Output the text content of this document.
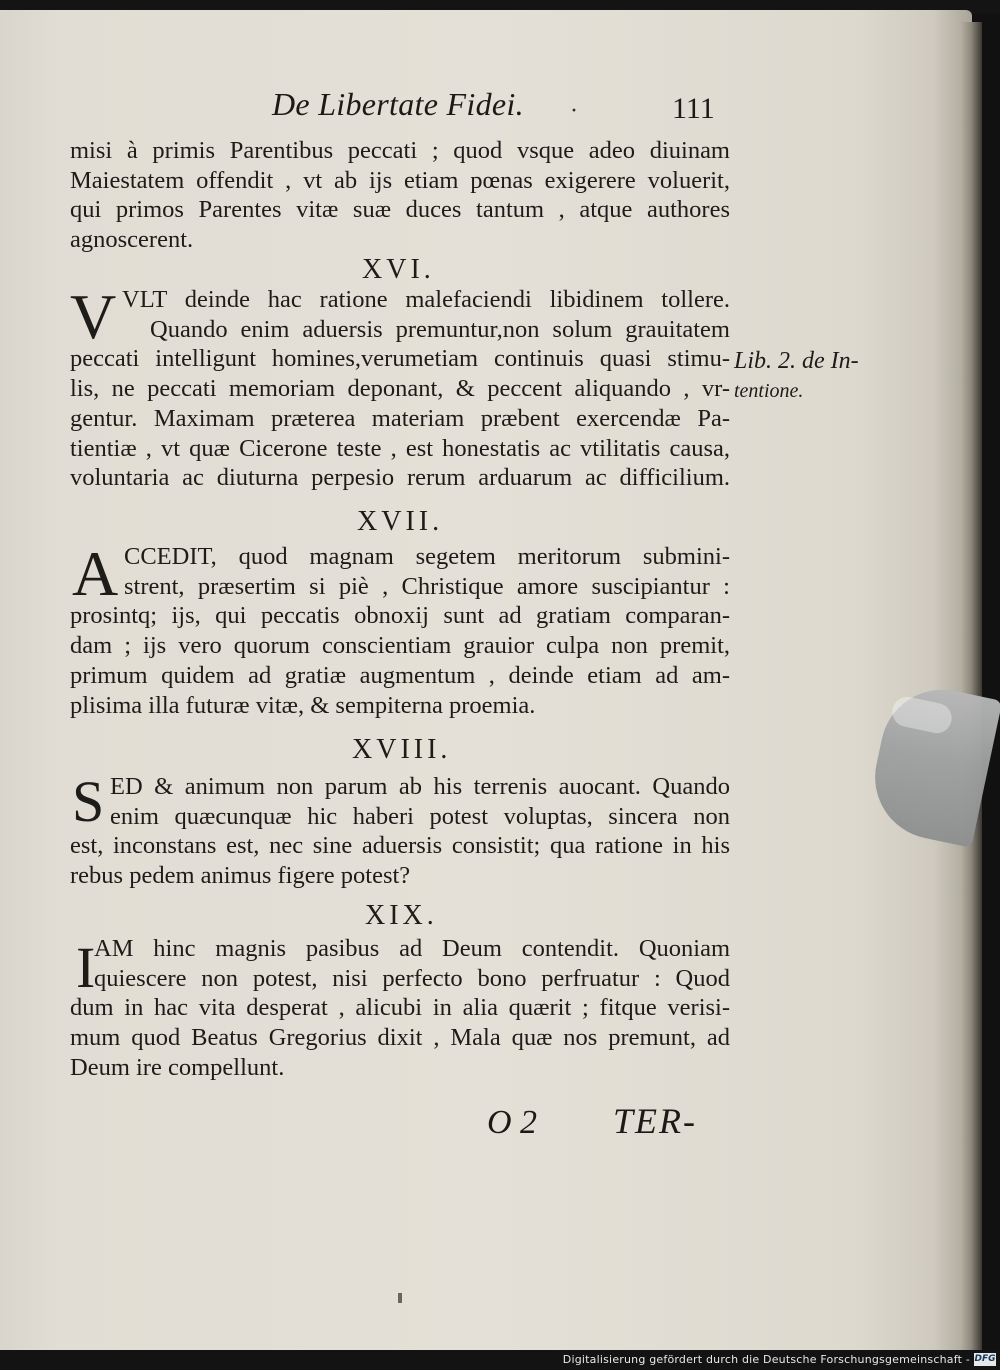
De Libertate Fidei. ·	111
misi à primis Parentibus peccati ; quod vsque adeo diuinam
Maiestatem offendit , vt ab ijs etiam pœnas exigerere voluerit,
qui primos Parentes vitæ suæ duces tantum , atque authores
agnoscerent.
XVI.
V VLT deinde hac ratione malefaciendi libidinem tollere.
Quando enim aduersis premuntur,non solum grauitatem
peccati intelligunt homines,verumetiam continuis quasi stimu-
lis, ne peccati memoriam deponant, & peccent aliquando , vr-
gentur. Maximam præterea materiam præbent exercendæ Pa-
tientiæ , vt quæ Cicerone teste , est honestatis ac vtilitatis causa,
voluntaria ac diuturna perpesio rerum arduarum ac difficilium.
Lib. 2. de In-
tentione.
XVII.
A CCEDIT, quod magnam segetem meritorum submini-
strent, præsertim si piè , Christique amore suscipiantur :
prosintq; ijs, qui peccatis obnoxij sunt ad gratiam comparan-
dam ; ijs vero quorum conscientiam grauior culpa non premit,
primum quidem ad gratiæ augmentum , deinde etiam ad am-
plisima illa futuræ vitæ, & sempiterna proemia.
XVIII.
S ED & animum non parum ab his terrenis auocant. Quando
enim quæcunquæ hic haberi potest voluptas, sincera non
est, inconstans est, nec sine aduersis consistit; qua ratione in his
rebus pedem animus figere potest?
XIX.
I
AM hinc magnis pasibus ad Deum contendit. Quoniam
quiescere non potest, nisi perfecto bono perfruatur : Quod
dum in hac vita desperat , alicubi in alia quærit ; fitque verisi-
mum quod Beatus Gregorius dixit , Mala quæ nos premunt, ad
Deum ire compellunt.
O 2 TER-
Digitalisierung gefördert durch die Deutsche Forschungsgemeinschaft - DFG
